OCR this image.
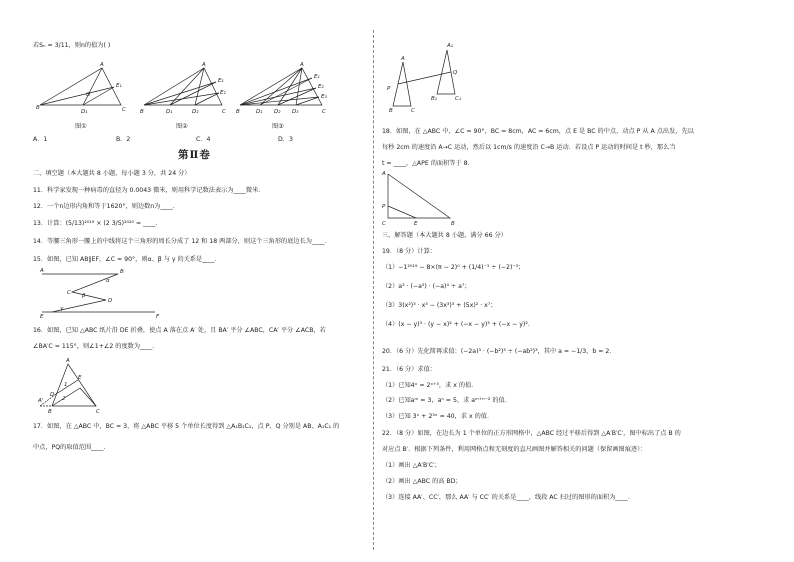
若Sₙ = 3/11，则n的值为( )
B
A
C
E₁
D₁
O
图①
B
A
C
E₁
E₂
D₁	D₂
图②
B
A
C
E₁
E₂
E₃
D₁ D₂ D₃
图③
A．1	B．2	C．4	D．3
第Ⅱ卷
二、填空题（本大题共 8 小题，每小题 3 分，共 24 分）
11．科学家发现一种病毒的直径为 0.0043 微米，则用科学记数法表示为____微米．
12．一个n边形内角和等于1620°，则边数n为____．
13．计算：(5/13)²⁰¹⁹ × (2 3/5)²⁰²⁰ = ____．
14．等腰三角形一腰上的中线将这个三角形的周长分成了 12 和 18 两部分，则这个三角形的底边长为____．
15．如图，已知 AB∥EF，∠C = 90°，则α、β 与 γ 的关系是____．
A	B
C
D
E	F
α
β
γ
16．如图，已知 △ABC 纸片沿 DE 折叠，使点 A 落在点 A′ 处，且 BA′ 平分 ∠ABC，CA′ 平分 ∠ACB，若
∠BA′C = 115°，则∠1+∠2 的度数为____．
A
D
E
B	C
A'
1
2
17．如图，在 △ABC 中，BC = 3，将 △ABC 平移 5 个单位长度得到 △A₁B₁C₁，点 P、Q 分别是 AB、A₁C₁ 的
中点，PQ的取值范围____．
A
P
B	C
A₁
Q
B₁	C₁
18．如图，在 △ABC 中，∠C = 90°，BC = 8cm，AC = 6cm，点 E 是 BC 的中点，动点 P 从 A 点出发，先以
每秒 2cm 的速度沿 A→C 运动，然后以 1cm/s 的速度沿 C→B 运动．若设点 P 运动的时间是 t 秒，那么当
t = ____，△APE 的面积等于 8．
A
P
C	E	B
三、解答题（本大题共 8 小题，满分 66 分）
19．（8 分）计算：
（1）−1²⁰¹⁹ − 8×(π − 2)⁰ + (1/4)⁻¹ ÷ (−2)⁻³；
（2）a³ · (−a⁵) · (−a)⁴ ÷ a⁷；
（3）3(x²)³ · x³ − (3x³)³ + (5x)² · x⁷；
（4）(x − y)³ · (y − x)² + (−x − y)³ + (−x − y)²．
20．（6 分）先化简再求值：(−2a)³ · (−b²)³ ÷ (−ab²)³，其中 a = −1/3，b = 2．
21．（6 分）求值：
（1）已知4ˣ = 2ˣ⁺³，求 x 的值．
（2）已知aᵐ = 3，aⁿ = 5，求 aᵐ⁺ⁿ⁻² 的值．
（3）已知 3ˣ + 2³ˣ = 40，求 x 的值．
22．（8 分）如图，在边长为 1 个单位的正方形网格中，△ABC 经过平移后得到 △A′B′C′，图中标出了点 B 的
对应点 B′．根据下列条件，利用网格点和无刻度的直尺画图并解答相关的问题（保留画图痕迹）：
（1）画出 △A′B′C′；
（2）画出 △ABC 的高 BD；
（3）连接 AA′、CC′，那么 AA′ 与 CC′ 的关系是____，线段 AC 扫过的图形的面积为____．
